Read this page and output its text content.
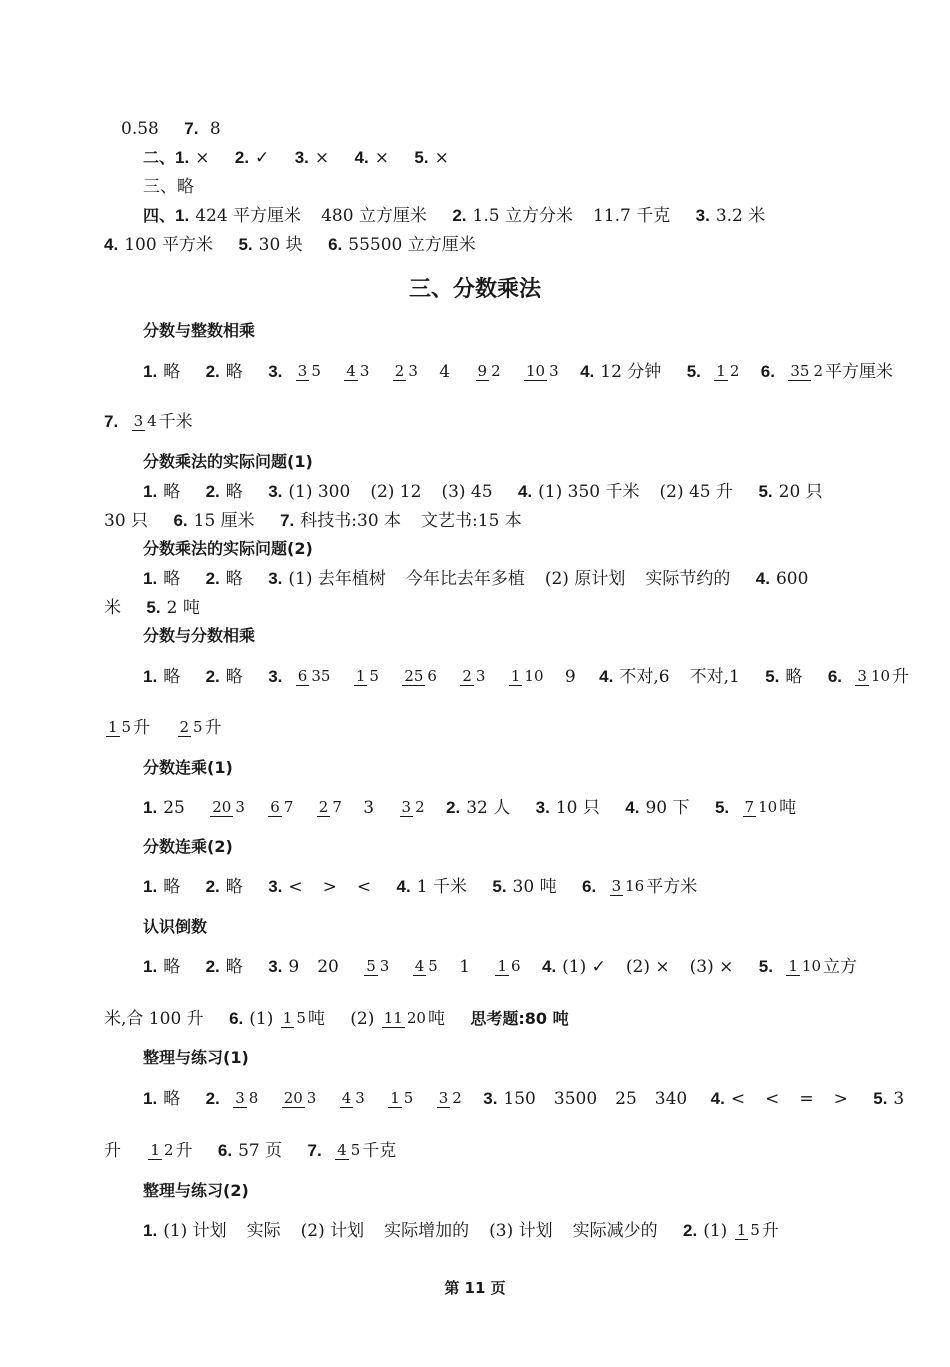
0.58 7. 8
二、1. × 2. ✓ 3. × 4. × 5. ×
三、略
四、1. 424 平方厘米 480 立方厘米 2. 1.5 立方分米 11.7 千克 3. 3.2 米
4. 100 平方米 5. 30 块 6. 55500 立方厘米
三、分数乘法
分数与整数相乘
1. 略 2. 略 3. 3 5 4 3 2 3 4 9 2 10 3 4. 12 分钟 5. 1 2 6. 35 2 平方厘米
7. 3 4 千米
分数乘法的实际问题(1)
1. 略 2. 略 3. (1) 300 (2) 12 (3) 45 4. (1) 350 千米 (2) 45 升 5. 20 只
30 只 6. 15 厘米 7. 科技书:30 本 文艺书:15 本
分数乘法的实际问题(2)
1. 略 2. 略 3. (1) 去年植树 今年比去年多植 (2) 原计划 实际节约的 4. 600
米 5. 2 吨
分数与分数相乘
1. 略 2. 略 3. 6 35 1 5 25 6 2 3 1 10 9 4. 不对,6 不对,1 5. 略 6. 3 10 升
1 5 升 2 5 升
分数连乘(1)
1. 25 20 3 6 7 2 7 3 3 2 2. 32 人 3. 10 只 4. 90 下 5. 7 10 吨
分数连乘(2)
1. 略 2. 略 3. < > < 4. 1 千米 5. 30 吨 6. 3 16 平方米
认识倒数
1. 略 2. 略 3. 9 20 5 3 4 5 1 1 6 4. (1) ✓ (2) × (3) × 5. 1 10 立方
米,合 100 升 6. (1) 1 5 吨 (2) 11 20 吨 思考题:80 吨
整理与练习(1)
1. 略 2. 3 8 20 3 4 3 1 5 3 2 3. 150 3500 25 340 4. < < = > 5. 3
升 1 2 升 6. 57 页 7. 4 5 千克
整理与练习(2)
1. (1) 计划 实际 (2) 计划 实际增加的 (3) 计划 实际减少的 2. (1) 1 5 升
第 11 页
